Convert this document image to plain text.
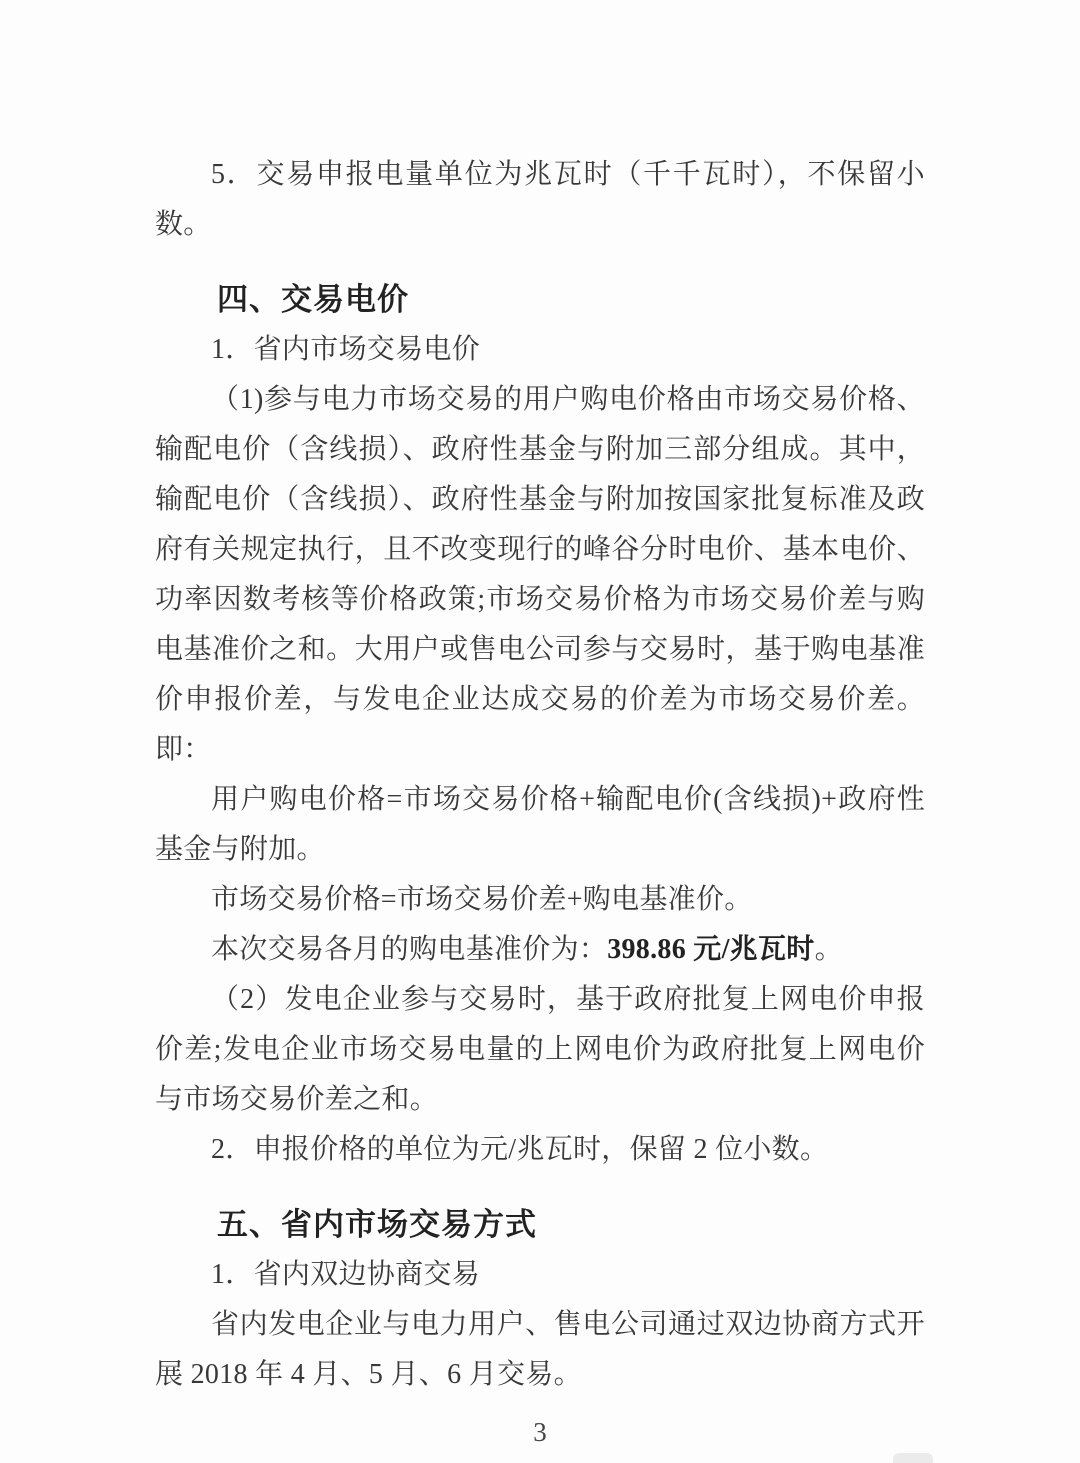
5．交易申报电量单位为兆瓦时（千千瓦时），不保留小数。

四、交易电价

1．省内市场交易电价

（1)参与电力市场交易的用户购电价格由市场交易价格、输配电价（含线损）、政府性基金与附加三部分组成。其中，输配电价（含线损）、政府性基金与附加按国家批复标准及政府有关规定执行，且不改变现行的峰谷分时电价、基本电价、功率因数考核等价格政策;市场交易价格为市场交易价差与购电基准价之和。大用户或售电公司参与交易时，基于购电基准价申报价差，与发电企业达成交易的价差为市场交易价差。即：

用户购电价格=市场交易价格+输配电价(含线损)+政府性基金与附加。

市场交易价格=市场交易价差+购电基准价。

本次交易各月的购电基准价为：398.86 元/兆瓦时。

（2）发电企业参与交易时，基于政府批复上网电价申报价差;发电企业市场交易电量的上网电价为政府批复上网电价与市场交易价差之和。

2．申报价格的单位为元/兆瓦时，保留 2 位小数。

五、省内市场交易方式

1．省内双边协商交易

省内发电企业与电力用户、售电公司通过双边协商方式开展 2018 年 4 月、5 月、6 月交易。

3
